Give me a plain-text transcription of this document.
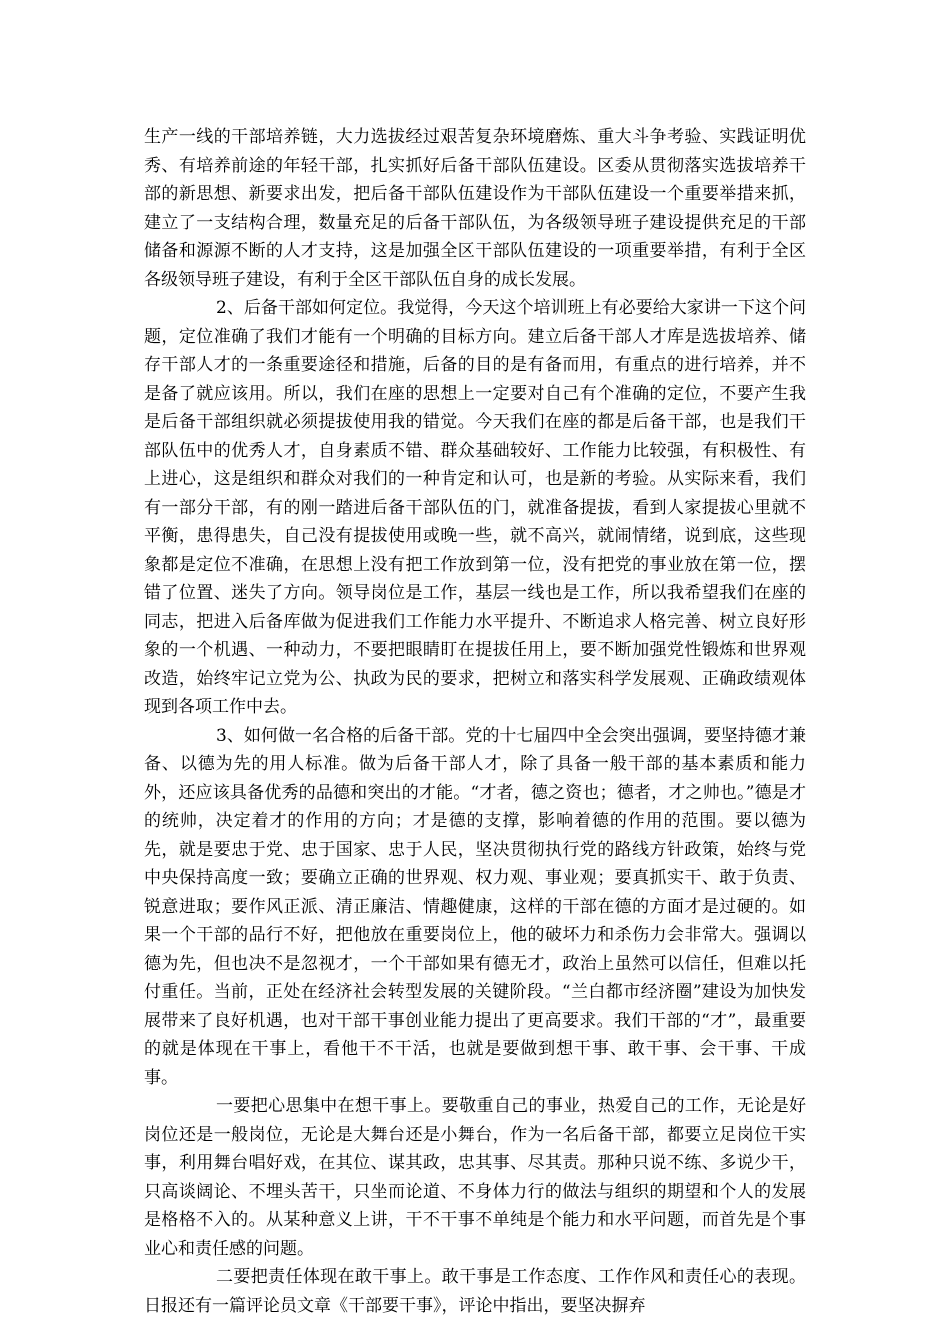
生产一线的干部培养链，大力选拔经过艰苦复杂环境磨炼、重大斗争考验、实践证明优秀、有培养前途的年轻干部，扎实抓好后备干部队伍建设。区委从贯彻落实选拔培养干部的新思想、新要求出发，把后备干部队伍建设作为干部队伍建设一个重要举措来抓，建立了一支结构合理，数量充足的后备干部队伍，为各级领导班子建设提供充足的干部储备和源源不断的人才支持，这是加强全区干部队伍建设的一项重要举措，有利于全区各级领导班子建设，有利于全区干部队伍自身的成长发展。

2、后备干部如何定位。我觉得，今天这个培训班上有必要给大家讲一下这个问题，定位准确了我们才能有一个明确的目标方向。建立后备干部人才库是选拔培养、储存干部人才的一条重要途径和措施，后备的目的是有备而用，有重点的进行培养，并不是备了就应该用。所以，我们在座的思想上一定要对自己有个准确的定位，不要产生我是后备干部组织就必须提拔使用我的错觉。今天我们在座的都是后备干部，也是我们干部队伍中的优秀人才，自身素质不错、群众基础较好、工作能力比较强，有积极性、有上进心，这是组织和群众对我们的一种肯定和认可，也是新的考验。从实际来看，我们有一部分干部，有的刚一踏进后备干部队伍的门，就准备提拔，看到人家提拔心里就不平衡，患得患失，自己没有提拔使用或晚一些，就不高兴，就闹情绪，说到底，这些现象都是定位不准确，在思想上没有把工作放到第一位，没有把党的事业放在第一位，摆错了位置、迷失了方向。领导岗位是工作，基层一线也是工作，所以我希望我们在座的同志，把进入后备库做为促进我们工作能力水平提升、不断追求人格完善、树立良好形象的一个机遇、一种动力，不要把眼睛盯在提拔任用上，要不断加强党性锻炼和世界观改造，始终牢记立党为公、执政为民的要求，把树立和落实科学发展观、正确政绩观体现到各项工作中去。

3、如何做一名合格的后备干部。党的十七届四中全会突出强调，要坚持德才兼备、以德为先的用人标准。做为后备干部人才，除了具备一般干部的基本素质和能力外，还应该具备优秀的品德和突出的才能。“才者，德之资也；德者，才之帅也。”德是才的统帅，决定着才的作用的方向；才是德的支撑，影响着德的作用的范围。要以德为先，就是要忠于党、忠于国家、忠于人民，坚决贯彻执行党的路线方针政策，始终与党中央保持高度一致；要确立正确的世界观、权力观、事业观；要真抓实干、敢于负责、锐意进取；要作风正派、清正廉洁、情趣健康，这样的干部在德的方面才是过硬的。如果一个干部的品行不好，把他放在重要岗位上，他的破坏力和杀伤力会非常大。强调以德为先，但也决不是忽视才，一个干部如果有德无才，政治上虽然可以信任，但难以托付重任。当前，正处在经济社会转型发展的关键阶段。“兰白都市经济圈”建设为加快发展带来了良好机遇，也对干部干事创业能力提出了更高要求。我们干部的“才”，最重要的就是体现在干事上，看他干不干活，也就是要做到想干事、敢干事、会干事、干成事。

一要把心思集中在想干事上。要敬重自己的事业，热爱自己的工作，无论是好岗位还是一般岗位，无论是大舞台还是小舞台，作为一名后备干部，都要立足岗位干实事，利用舞台唱好戏，在其位、谋其政，忠其事、尽其责。那种只说不练、多说少干，只高谈阔论、不埋头苦干，只坐而论道、不身体力行的做法与组织的期望和个人的发展是格格不入的。从某种意义上讲，干不干事不单纯是个能力和水平问题，而首先是个事业心和责任感的问题。

二要把责任体现在敢干事上。敢干事是工作态度、工作作风和责任心的表现。日报还有一篇评论员文章《干部要干事》，评论中指出，要坚决摒弃
